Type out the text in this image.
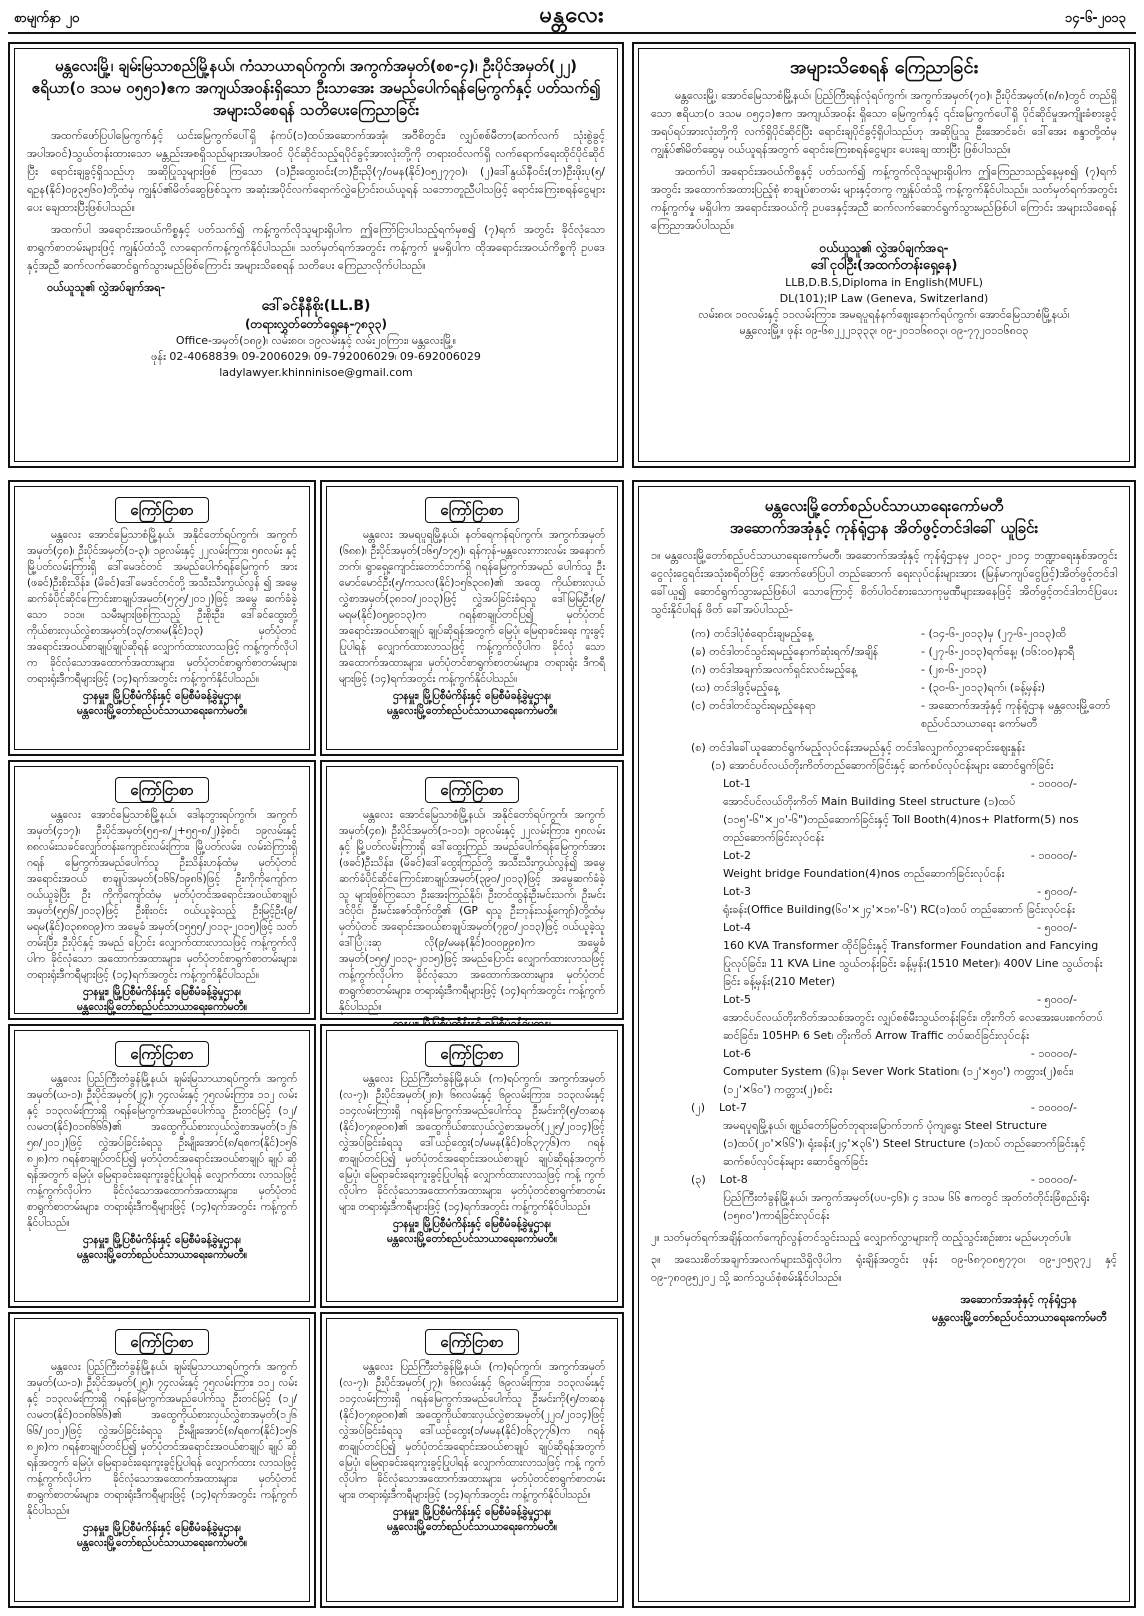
စာမျက်နှာ ၂၀	မန္တလေး	၁၄-၆-၂၀၁၃
မန္တလေးမြို့၊ ချမ်းမြသာစည်မြို့နယ်၊ ကံသာယာရပ်ကွက်၊ အကွက်အမှတ်(စစ-၄)၊ ဦးပိုင်အမှတ်(၂၂) ဧရိယာ(၀ ဒသမ ၀၅၅၁)ဧက အကျယ်အဝန်းရှိသော ဦးသာအေး အမည်ပေါက်ရန်မြေကွက်နှင့် ပတ်သက်၍ အများသိစေရန် သတိပေးကြေညာခြင်း

အထက်ဖော်ပြပါမြေကွက်နှင့် ယင်းမြေကွက်ပေါ်ရှိ နံကပ်(၁)ထပ်အဆောက်အအုံ၊ အဝီစိတွင်း၊ လျှပ်စစ်မီတာ(ဆက်လက် သုံးစွဲခွင့်အပါအဝင်)သွယ်တန်းထားသော မန္တည်းအစရှိသည်များအပါအဝင် ပိုင်ဆိုင်သည့်ရပိုင်ခွင့်အားလုံးတို့ကို တရားဝင်လက်ရှိ လက်ရောက်ရေးထိုင်ပိုင်ဆိုင်ပြီး ရောင်းချခွင့်ရှိသည်ဟု အဆိုပြုသူများဖြစ် ကြသော (၁)ဦးထွေးဝင်း(ဘ)ဦးညို(၇/ဝမန(နိုင်)၀၅၂၇၇၀)၊ (၂)ဒေါ်နွယ်နီဝင်း(ဘ)ဦးဖိုးပု(၅/ရဥန(နိုင်)၀၉၃၅၆၀)တို့ထံမှ ကျွန်ုပ်၏မိတ်ဆွေဖြစ်သူက အဆုံးအပိုင်လက်ရောက်လွှဲပြောင်းဝယ်ယူရန် သဘောတူညီပါသဖြင့် ရောင်းကြေးစရန်ငွေများ ပေး ချေထားပြီးဖြစ်ပါသည်။

အထက်ပါ အရောင်းအဝယ်ကိစ္စနှင့် ပတ်သက်၍ ကန့်ကွက်လိုသူများရှိပါက ဤကြော်ငြာပါသည့်ရက်မှစ၍ (၇)ရက် အတွင်း ခိုင်လုံသောစာရွက်စာတမ်းများဖြင့် ကျွန်ုပ်ထံသို့ လာရောက်ကန့်ကွက်နိုင်ပါသည်။ သတ်မှတ်ရက်အတွင်း ကန့်ကွက် မှုမရှိပါက ထိုအရောင်းအဝယ်ကိစ္စကို ဥပဒေနှင့်အညီ ဆက်လက်ဆောင်ရွက်သွားမည်ဖြစ်ကြောင်း အများသိစေရန် သတိပေး ကြေညာလိုက်ပါသည်။

ဝယ်ယူသူ၏ လွှဲအပ်ချက်အရ-
ဒေါ်ခင်နီနီစိုး(LL.B)
(တရားလွှတ်တော်ရှေ့နေ-၇၈၃၃)
Office-အမှတ်(၁၈၉)၊ လမ်း၈၀၊ ၁၉လမ်းနှင့် လမ်း၂၀ကြား၊ မန္တလေးမြို့။
ဖုန်း 02-4068839၊ 09-2006029၊ 09-792006029၊ 09-692006029
ladylawyer.khinninisoe@gmail.com
အများသိစေရန် ကြေညာခြင်း

မန္တလေးမြို့၊ အောင်မြေသာစံမြို့နယ်၊ ပြည်ကြီးရန်လုံရပ်ကွက်၊ အကွက်အမှတ်(၇၀)၊ ဦးပိုင်အမှတ်(၈/၈)တွင် တည်ရှိသော ဧရိယာ(၀ ဒသမ ၀၅၄၁)ဧက အကျယ်အဝန်း ရှိသော မြေကွက်နှင့် ၎င်းမြေကွက်ပေါ်ရှိ ပိုင်ဆိုင်မှုအကျိုးခံစားခွင့်အရပ်ရပ်အားလုံးတို့ကို လက်ရှိပိုင်ဆိုင်ပြီး ရောင်းချပိုင်ခွင့်ရှိပါသည်ဟု အဆိုပြုသူ ဦးအောင်ခင်၊ ဒေါ်အေး စန္ဒာတို့ထံမှ ကျွန်ုပ်၏မိတ်ဆွေမှ ဝယ်ယူရန်အတွက် ရောင်းကြေးစရန်ငွေများ ပေးချေ ထားပြီး ဖြစ်ပါသည်။

အထက်ပါ အရောင်းအဝယ်ကိစ္စနှင့် ပတ်သက်၍ ကန့်ကွက်လိုသူများရှိပါက ဤကြေညာသည့်နေ့မှစ၍ (၇)ရက်အတွင်း အထောက်အထားပြည့်စုံ စာချုပ်စာတမ်း များနှင့်တကွ ကျွန်ုပ်ထံသို့ ကန့်ကွက်နိုင်ပါသည်။ သတ်မှတ်ရက်အတွင်း ကန့်ကွက်မှု မရှိပါက အရောင်းအဝယ်ကို ဥပဒေနှင့်အညီ ဆက်လက်ဆောင်ရွက်သွားမည်ဖြစ်ပါ ကြောင်း အများသိစေရန် ကြေညာအပ်ပါသည်။

ဝယ်ယူသူ၏ လွှဲအပ်ချက်အရ-
ဒေါ်ငုဝါဦး(အထက်တန်းရှေ့နေ)
LLB,D.B.S,Diploma in English(MUFL)
DL(101);IP Law (Geneva, Switzerland)
လမ်း၈၀၊ ၁၀လမ်းနှင့် ၁၁လမ်းကြား၊ အမရပူရနံနက်ဈေးနောက်ရပ်ကွက်၊ အောင်မြေသာစံမြို့နယ်၊
မန္တလေးမြို့။ ဖုန်း ၀၉-၆၈၂၂၂၁၃၃၃၊ ၀၉-၂၀၁၁၆၈၀၃၊ ၀၉-၇၇၂၀၁၁၆၈၀၃
ကြော်ငြာစာ

မန္တလေး အောင်မြေသာစံမြို့နယ်၊ အနိုင်တော်ရပ်ကွက်၊ အကွက် အမှတ်(၄၈)၊ ဦးပိုင်အမှတ်(၁-၃)၊ ၁၉လမ်းနှင့် ၂၂လမ်းကြား၊ ၅၈လမ်း နှင့် မြို့ပတ်လမ်းကြားရှိ ဒေါ်မေဒင်တင် အမည်ပေါက်ရန်မြေကွက် အား (ဖခင်)ဦးစိုးသိန်း၊ (မိခင်)ဒေါ်မေဒင်တင်တို့ အသီးသီးကွယ်လွန် ၍ အမွေဆက်ခံပိုင်ဆိုင်ကြောင်းစာချုပ်အမှတ်(၅၇၅/၂၀၁၂)ဖြင့် အမွေ ဆက်ခံခဲ့သော ၁၁၁။ သမီးများဖြစ်ကြသည့် ဦးစိုးဦး၊ ဒေါ်ခင်ထွေးတို့ ကိုယ်စားလှယ်လွှဲစာအမှတ်(၁၃/တ၈မ(နိုင်)၁၃) မှတ်ပုံတင်အရောင်းအဝယ်စာချုပ်ချုပ်ဆိုရန် လျှောက်ထားလာသဖြင့် ကန့်ကွက်လိုပါက ခိုင်လုံသောအထောက်အထားများ၊ မှတ်ပုံတင်စာရွက်စာတမ်းများ၊ တရားရုံးဒီကရီများဖြင့် (၁၄)ရက်အတွင်း ကန့်ကွက်နိုင်ပါသည်။

ဌာနမှူး၊ မြို့ပြစီမံကိန်းနှင့် မြေစီမံခန့်ခွဲမှုဌာန၊
မန္တလေးမြို့တော်စည်ပင်သာယာရေးကော်မတီ။
ကြော်ငြာစာ

မန္တလေး အမရပူရမြို့နယ်၊ နတ်ရေကန်ရပ်ကွက်၊ အကွက်အမှတ် (၆၈၈)၊ ဦးပိုင်အမှတ်(၁၆၅/၁၇၅)၊ ရန်ကုန်-မန္တလေးကားလမ်း အနောက်ဘက်၊ ရွာရှေ့ကျောင်းတောင်ဘက်ရှိ ဂရန်မြေကွက်အမည် ပေါက်သူ ဦးမောင်မောင်ဦး(၅/ကသလ(နိုင်)၁၅၆၃၀၈)၏ အထွေ ကိုယ်စားလှယ်လွှဲစာအမှတ်(၃၈၁၀/၂၀၁၃)ဖြင့် လွှဲအပ်ခြင်းခံရသူ ဒေါ်မြမြဦး(၉/မရမ(နိုင်)၀၅၉၀၁၃)က ဂရန်စာချုပ်တင်ပြ၍ မှတ်ပုံတင် အရောင်းအဝယ်စာချုပ် ချုပ်ဆိုရန်အတွက် မြေပုံ၊ မြေရာခင်းရေး ကူးခွင့်ပြုပါရန် လျှောက်ထားလာသဖြင့် ကန့်ကွက်လိုပါက ခိုင်လုံ သောအထောက်အထားများ၊ မှတ်ပုံတင်စာရွက်စာတမ်းများ၊ တရားရုံး ဒီကရီများဖြင့် (၁၄)ရက်အတွင်း ကန့်ကွက်နိုင်ပါသည်။

ဌာနမှူး၊ မြို့ပြစီမံကိန်းနှင့် မြေစီမံခန့်ခွဲမှုဌာန၊
မန္တလေးမြို့တော်စည်ပင်သာယာရေးကော်မတီ။
ကြော်ငြာစာ

မန္တလေး အောင်မြေသာစံမြို့နယ်၊ ဒေါနဘွားရပ်ကွက်၊ အကွက် အမှတ်(၄၁၇)၊ ဦးပိုင်အမှတ်(၅၅-၈/၂+၅၅-၈/၂)ခဲ့စင်၊ ၁၉လမ်းနှင့် ၈၈လမ်းသခင်လျှော်တန်းကျောင်းလမ်းကြား၊ မြို့ပတ်လမ်း၊ လမ်းဝဲကြားရှိ ဂရန် မြေကွက်အမည်ပေါက်သူ ဦးသိန်းဟန်ထံမှ မှတ်ပုံတင်အရောင်းအဝယ် စာချုပ်အမှတ်(၁၆၆/၁၉၈၆)ဖြင့် ဦးကိုကိုကျော်က ဝယ်ယူခဲ့ပြီး ဦး ကိုကိုကျော်ထံမှ မှတ်ပုံတင်အရောင်းအဝယ်စာချုပ်အမှတ်(၅၅၆/၂၀၁၃)ဖြင့် ဦးစိုးဝင်း ဝယ်ယူခဲ့သည့် ဦးမြင့်ဦး(၉/မရမ(နိုင်)၀၃၈၈၀၉)က အမွေခံ အမှတ်(၁၅၅၅/၂၀၁၃-၂၀၁၅)ဖြင့် သတ်တမ်းပြီး၊ ဦးပိုင်နှင့် အမည် ပြောင်း လျှောက်ထားလာသဖြင့် ကန့်ကွက်လိုပါက ခိုင်လုံသော အထောက်အထားများ၊ မှတ်ပုံတင်စာရွက်စာတမ်းများ၊ တရားရုံးဒီကရီများဖြင့် (၁၄)ရက်အတွင်း ကန့်ကွက်နိုင်ပါသည်။

ဌာနမှူး၊ မြို့ပြစီမံကိန်းနှင့် မြေစီမံခန့်ခွဲမှုဌာန၊
မန္တလေးမြို့တော်စည်ပင်သာယာရေးကော်မတီ။
ကြော်ငြာစာ

မန္တလေး အောင်မြေသာစံမြို့နယ်၊ အနိုင်တော်ရပ်ကွက်၊ အကွက် အမှတ်(၄၈)၊ ဦးပိုင်အမှတ်(၁-၁၁)၊ ၁၉လမ်းနှင့် ၂၂လမ်းကြား၊ ၅၈လမ်း နှင့် မြို့ပတ်လမ်းကြားရှိ ဒေါ်ထွေးကြည် အမည်ပေါက်ရန်မြေကွက်အား (ဖခင်)ဦးသိန်း၊ (မိခင်)ဒေါ်ထွေးကြည်တို့ အသီးသီးကွယ်လွန်၍ အမွေ ဆက်ခံပိုင်ဆိုင်ကြောင်းစာချုပ်အမှတ်(၃၉၀/၂၀၁၃)ဖြင့် အမွေဆက်ခံခဲ့သူ များဖြစ်ကြသော ဦးအေးကြည်နိုင်၊ ဦးတင်ထွန်းဦးမင်းသက်၊ ဦးမင်းဒင်ပိုင်၊ ဦးမင်းဇော်ထိုက်တို့၏ (GP ရသူ ဦးဘုန်းသန့်ကျော်)တို့ထံမှ မှတ်ပုံတင် အရောင်းအဝယ်စာချုပ်အမှတ်(၇၉၀/၂၀၁၃)ဖြင့် ဝယ်ယူခဲ့သူ ဒေါ်ပြံုးဆု လို(၉/မမန(နိုင်)၀၀၀၉၉၈)က အမွေခံအမှတ်(၁၅၅/၂၀၁၃-၂၀၁၅)ဖြင့် အမည်ပြောင်း လျှောက်ထားလာသဖြင့် ကန့်ကွက်လိုပါက ခိုင်လုံသော အထောက်အထားများ၊ မှတ်ပုံတင်စာရွက်စာတမ်းများ၊ တရားရုံးဒီကရီများဖြင့် (၁၄)ရက်အတွင်း ကန့်ကွက်နိုင်ပါသည်။

ကြော်ငြာစာ

မန္တလေး ပြည်ကြီးတံခွန်မြို့နယ်၊ ချမ်းမြသာယာရပ်ကွက်၊ အကွက် အမှတ်(ယ-၁)၊ ဦးပိုင်အမှတ်(၂၄)၊ ၇၄လမ်းနှင့် ၇၅လမ်းကြား၊ ၁၁၂ လမ်းနှင့် ၁၁၃လမ်းကြားရှိ ဂရန်မြေကွက်အမည်ပေါက်သူ ဦးတင်မြင့် (၁၂/လမတ(နိုင်)၀၁၈၆၆၆)၏ အထွေကိုယ်စားလှယ်လွှဲစာအမှတ်(၁၂၆ ၅၈/၂၀၁၂)ဖြင့် လွှဲအပ်ခြင်းခံရသူ ဦးမျိုးအောင်(၈/ရစက(နိုင်)၁၅၆ ၈၂၈)က ဂရန်စာချုပ်တင်ပြ၍ မှတ်ပုံတင်အရောင်းအဝယ်စာချုပ် ချုပ် ဆိုရန်အတွက် မြေပုံ၊ မြေရာခင်းရေးကူးခွင့်ပြုပါရန် လျှောက်ထား လာသဖြင့် ကန့်ကွက်လိုပါက ခိုင်လုံသောအထောက်အထားများ၊ မှတ်ပုံတင်စာရွက်စာတမ်းများ၊ တရားရုံးဒီကရီများဖြင့် (၁၄)ရက်အတွင်း ကန့်ကွက်နိုင်ပါသည်။

ဌာနမှူး၊ မြို့ပြစီမံကိန်းနှင့် မြေစီမံခန့်ခွဲမှုဌာန၊
မန္တလေးမြို့တော်စည်ပင်သာယာရေးကော်မတီ။
ကြော်ငြာစာ

မန္တလေး ပြည်ကြီးတံခွန်မြို့နယ်၊ (က)ရပ်ကွက်၊ အကွက်အမှတ် (လ-၇)၊ ဦးပိုင်အမှတ်(၂၈)၊ ၆၈လမ်းနှင့် ၆၉လမ်းကြား၊ ၁၁၃လမ်းနှင့် ၁၁၄လမ်းကြားရှိ ဂရန်မြေကွက်အမည်ပေါက်သူ ဦးမင်းကို(၅/တဆန (နိုင်)၀၇၈၉၀၈)၏ အထွေကိုယ်စားလှယ်လွှဲစာအမှတ်(၂၂၅/၂၀၁၄)ဖြင့် လွှဲအပ်ခြင်းခံရသူ ဒေါ်ယဉ်ထွေး(၁/မမန(နိုင်)၀၆၃၇၇၆)က ဂရန် စာချုပ်တင်ပြ၍ မှတ်ပုံတင်အရောင်းအဝယ်စာချုပ် ချုပ်ဆိုရန်အတွက် မြေပုံ၊ မြေရာခင်းရေးကူးခွင့်ပြုပါရန် လျှောက်ထားလာသဖြင့် ကန့် ကွက်လိုပါက ခိုင်လုံသောအထောက်အထားများ၊ မှတ်ပုံတင်စာရွက်စာတမ်း များ၊ တရားရုံးဒီကရီများဖြင့် (၁၄)ရက်အတွင်း ကန့်ကွက်နိုင်ပါသည်။

ဌာနမှူး၊ မြို့ပြစီမံကိန်းနှင့် မြေစီမံခန့်ခွဲမှုဌာန၊
မန္တလေးမြို့တော်စည်ပင်သာယာရေးကော်မတီ။
ကြော်ငြာစာ

မန္တလေး ပြည်ကြီးတံခွန်မြို့နယ်၊ ချမ်းမြသာယာရပ်ကွက်၊ အကွက် အမှတ်(ယ-၁)၊ ဦးပိုင်အမှတ်(၂၅)၊ ၇၄လမ်းနှင့် ၇၅လမ်းကြား၊ ၁၁၂ လမ်းနှင့် ၁၁၃လမ်းကြားရှိ ဂရန်မြေကွက်အမည်ပေါက်သူ ဦးတင်မြင့် (၁၂/လမတ(နိုင်)၀၁၈၆၆၆)၏ အထွေကိုယ်စားလှယ်လွှဲစာအမှတ်(၁၂၆ ၆၆/၂၀၁၂)ဖြင့် လွှဲအပ်ခြင်းခံရသူ ဦးမျိုးအောင်(၈/ရစက(နိုင်)၁၅၆ ၈၂၈)က ဂရန်စာချုပ်တင်ပြ၍ မှတ်ပုံတင်အရောင်းအဝယ်စာချုပ် ချုပ် ဆိုရန်အတွက် မြေပုံ၊ မြေရာခင်းရေးကူးခွင့်ပြုပါရန် လျှောက်ထား လာသဖြင့် ကန့်ကွက်လိုပါက ခိုင်လုံသောအထောက်အထားများ၊ မှတ်ပုံတင်စာရွက်စာတမ်းများ၊ တရားရုံးဒီကရီများဖြင့် (၁၄)ရက်အတွင်း ကန့်ကွက်နိုင်ပါသည်။

ဌာနမှူး၊ မြို့ပြစီမံကိန်းနှင့် မြေစီမံခန့်ခွဲမှုဌာန၊
မန္တလေးမြို့တော်စည်ပင်သာယာရေးကော်မတီ။
ကြော်ငြာစာ

မန္တလေး ပြည်ကြီးတံခွန်မြို့နယ်၊ (က)ရပ်ကွက်၊ အကွက်အမှတ် (လ-၇)၊ ဦးပိုင်အမှတ်(၂၇)၊ ၆၈လမ်းနှင့် ၆၉လမ်းကြား၊ ၁၁၃လမ်းနှင့် ၁၁၄လမ်းကြားရှိ ဂရန်မြေကွက်အမည်ပေါက်သူ ဦးမင်းကို(၅/တဆန (နိုင်)၀၇၈၉၀၈)၏ အထွေကိုယ်စားလှယ်လွှဲစာအမှတ်(၂၂၀/၂၀၁၄)ဖြင့် လွှဲအပ်ခြင်းခံရသူ ဒေါ်ယဉ်ထွေး(၁/မမန(နိုင်)၀၆၃၇၇၆)က ဂရန် စာချုပ်တင်ပြ၍ မှတ်ပုံတင်အရောင်းအဝယ်စာချုပ် ချုပ်ဆိုရန်အတွက် မြေပုံ၊ မြေရာခင်းရေးကူးခွင့်ပြုပါရန် လျှောက်ထားလာသဖြင့် ကန့် ကွက်လိုပါက ခိုင်လုံသောအထောက်အထားများ၊ မှတ်ပုံတင်စာရွက်စာတမ်း များ၊ တရားရုံးဒီကရီများဖြင့် (၁၄)ရက်အတွင်း ကန့်ကွက်နိုင်ပါသည်။

ဌာနမှူး၊ မြို့ပြစီမံကိန်းနှင့် မြေစီမံခန့်ခွဲမှုဌာန၊
မန္တလေးမြို့တော်စည်ပင်သာယာရေးကော်မတီ။
မန္တလေးမြို့တော်စည်ပင်သာယာရေးကော်မတီ
အဆောက်အအုံနှင့် ကုန်ရုံဌာန အိတ်ဖွင့်တင်ဒါခေါ် ယူခြင်း

၁။ မန္တလေးမြို့တော်စည်ပင်သာယာရေးကော်မတီ၊ အဆောက်အအုံနှင့် ကုန်ရုံဌာနမှ ၂၀၁၃- ၂၀၁၄ ဘဏ္ဍာရေးနှစ်အတွင်း ငွေလုံးငွေရင်းအသုံးစရိတ်ဖြင့် အောက်ဖော်ပြပါ တည်ဆောက် ရေးလုပ်ငန်းများအား (မြန်မာကျပ်ငွေဖြင့်)အိတ်ဖွင့်တင်ဒါခေါ်ယူ၍ ဆောင်ရွက်သွားမည်ဖြစ်ပါ သောကြောင့် စိတ်ပါဝင်စားသောကုမ္ပဏီများအနေဖြင့် အိတ်ဖွင့်တင်ဒါတင်ပြပေးသွင်းနိုင်ပါရန် ဖိတ် ခေါ်အပ်ပါသည်-

(က) တင်ဒါပုံစံရောင်းချမည့်နေ့	- (၁၄-၆-၂၀၁၃)မှ (၂၇-၆-၂၀၁၃)ထိ
(ခ) တင်ဒါတင်သွင်းရမည့်နောက်ဆုံးရက်/အချိန်	- (၂၇-၆-၂၀၁၃)ရက်နေ့၊ (၁၆:၀၀)နာရီ
(ဂ) တင်ဒါအချက်အလက်ရှင်းလင်းမည့်နေ့	- (၂၈-၆-၂၀၁၃)
(ဃ) တင်ဒါဖွင့်မည့်နေ့	- (၃၀-၆-၂၀၁၃)ရက်၊ (ခန့်မှန်း)
(င) တင်ဒါတင်သွင်းရမည့်နေရာ	- အဆောက်အအုံနှင့် ကုန်ရုံဌာန မန္တလေးမြို့တော်စည်ပင်သာယာရေး ကော်မတီ
(စ) တင်ဒါခေါ်ယူဆောင်ရွက်မည့်လုပ်ငန်းအမည်နှင့် တင်ဒါလျှောက်လွှာရောင်းဈေးနှုန်း
(၁) အောင်ပင်လယ်တိုးကိတ်တည်ဆောက်ခြင်းနှင့် ဆက်စပ်လုပ်ငန်းများ ဆောင်ရွက်ခြင်း
Lot-1	- ၁၀၀၀၀/-
အောင်ပင်လယ်တိုးကိတ် Main Building Steel structure (၁)ထပ် (၁၁၅'-၆"×၂၀'-၆")တည်ဆောက်ခြင်းနှင့် Toll Booth(4)nos+ Platform(5) nos တည်ဆောက်ခြင်းလုပ်ငန်း
Lot-2	- ၁၀၀၀၀/-
Weight bridge Foundation(4)nos တည်ဆောက်ခြင်းလုပ်ငန်း
Lot-3	- ၅၀၀၀/-
ရုံးခန်း(Office Building(၆၀'×၂၄'×၁၈'-၆') RC(၁)ထပ် တည်ဆောက် ခြင်းလုပ်ငန်း
Lot-4	- ၅၀၀၀/-
160 KVA Transformer ထိုင်ခြင်းနှင့် Transformer Foundation and Fancying ပြုလုပ်ခြင်း၊ 11 KVA Line သွယ်တန်းခြင်း ခန့်မှန်း(1510 Meter)၊ 400V Line သွယ်တန်းခြင်း ခန့်မှန်း(210 Meter)
Lot-5	- ၅၀၀၀/-
အောင်ပင်လယ်တိုးကိတ်အသစ်အတွင်း လျှပ်စစ်မီးသွယ်တန်းခြင်း၊ တိုးကိတ် လေအေးပေးစက်တပ်ဆင်ခြင်း၊ 105HP၊ 6 Set၊ တိုးကိတ် Arrow Traffic တပ်ဆင်ခြင်းလုပ်ငန်း
Lot-6	- ၁၀၀၀၀/-
Computer System (၆)ခု၊ Sever Work Station၊ (၁၂'×၅၀') ကတ္တား(၂)စင်း၊ (၁၂'×၆၀') ကတ္တား(၂)စင်း
(၂) Lot-7	- ၁၀၀၀၀/-
အမရပူရမြို့နယ်၊ ဈွယ်တော်မြတ်ဘုရားမြောက်ဘက် ပုံကျရွေး Steel Structure (၁)ထပ်(၂၀'×၆၆')၊ ရုံးခန်း(၂၄'×၃၆') Steel Structure (၁)ထပ် တည်ဆောက်ခြင်းနှင့် ဆက်စပ်လုပ်ငန်းများ ဆောင်ရွက်ခြင်း
(၃) Lot-8	- ၁၀၀၀၀/-
ပြည်ကြီးတံခွန်မြို့နယ်၊ အကွက်အမှတ်(ပပ-၄၆)၊ ၄ ဒသမ ၆၆ ဧကတွင် အုတ်တံတိုင်းခြံစည်းရိုး (၁၅၈၀')ကာရံခြင်းလုပ်ငန်း

၂။ သတ်မှတ်ရက်အချိန်ထက်ကျော်လွန်တင်သွင်းသည့် လျှောက်လွှာများကို ထည့်သွင်းစဉ်းစား မည်မဟုတ်ပါ။

၃။ အသေးစိတ်အချက်အလက်များသိရှိလိုပါက ရုံးချိန်အတွင်း ဖုန်း ၀၉-၆၈၇၀၈၅၇၇၀၊ ၀၉-၂၀၅၃၇၂ နှင့် ၀၉-၇၈၀၉၅၂၀၂ သို့ ဆက်သွယ်စုံစမ်းနိုင်ပါသည်။

အဆောက်အအုံနှင့် ကုန်ရုံဌာန
မန္တလေးမြို့တော်စည်ပင်သာယာရေးကော်မတီ
